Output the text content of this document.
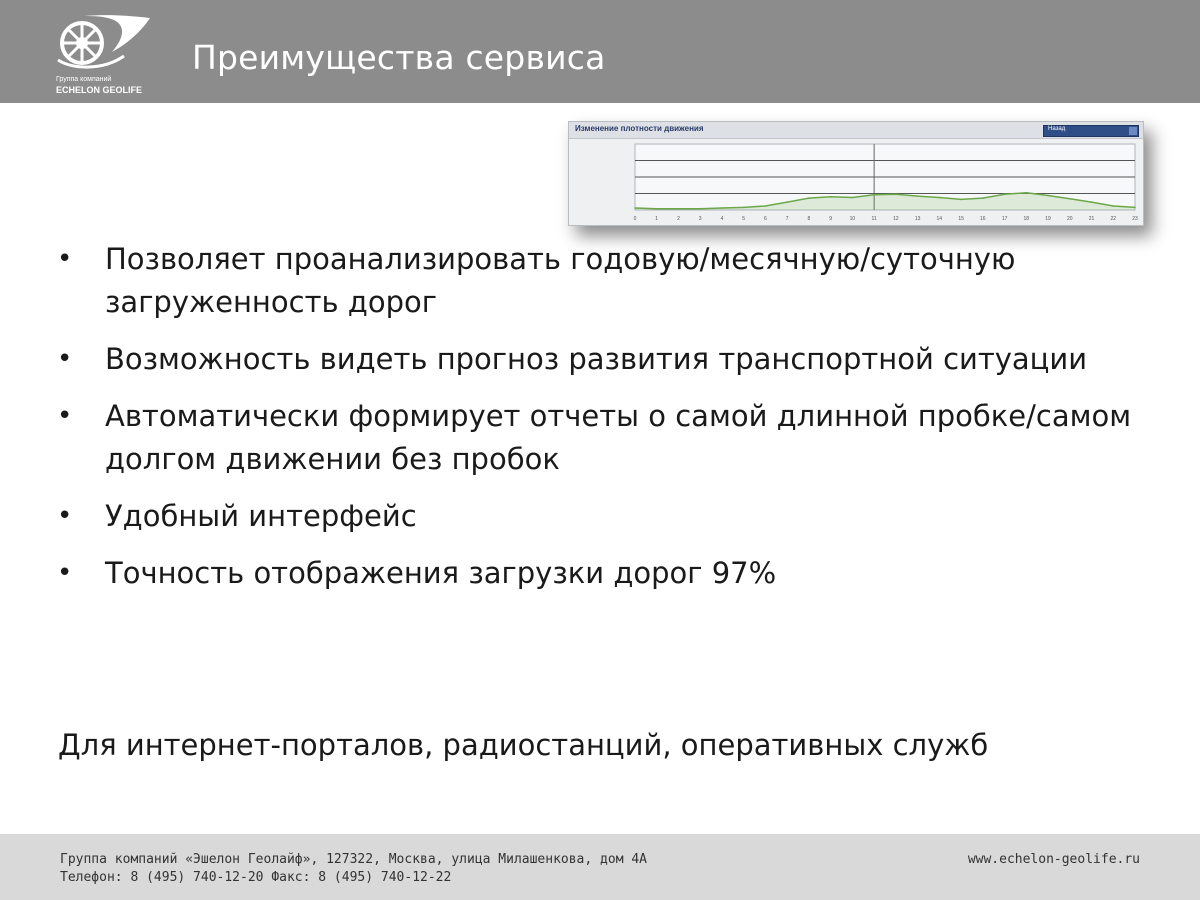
Группа компаний
ECHELON GEOLIFE
Преимущества сервиса
Изменение плотности движения	Назад
0	1	2	3	4	5	6	7	8	9	10	11	12	13	14	15	16	17	18	19	20	21	22	23
• Позволяет проанализировать годовую/месячную/суточную загруженность дорог
• Возможность видеть прогноз развития транспортной ситуации
• Автоматически формирует отчеты о самой длинной пробке/самом долгом движении без пробок
• Удобный интерфейс
• Точность отображения загрузки дорог 97%
Для интернет-порталов, радиостанций, оперативных служб
Группа компаний «Эшелон Геолайф», 127322, Москва, улица Милашенкова, дом 4А
Телефон: 8 (495) 740-12-20 Факс: 8 (495) 740-12-22
www.echelon-geolife.ru
